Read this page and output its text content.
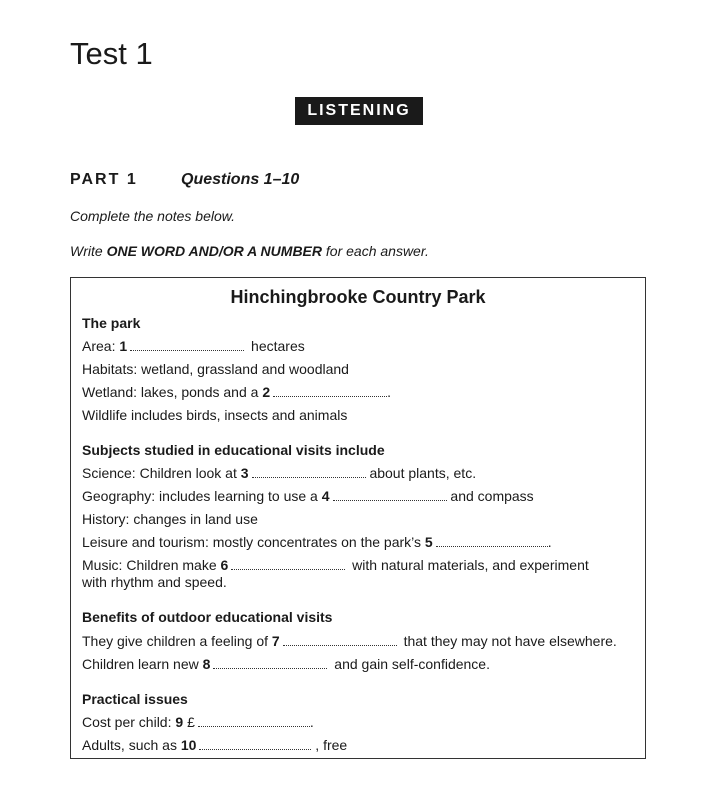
Test 1
LISTENING
PART 1	Questions 1–10
Complete the notes below.
Write ONE WORD AND/OR A NUMBER for each answer.
Hinchingbrooke Country Park
The park
Area: 1	hectares
Habitats: wetland, grassland and woodland
Wetland: lakes, ponds and a 2	.
Wildlife includes birds, insects and animals
Subjects studied in educational visits include
Science: Children look at 3	about plants, etc.
Geography: includes learning to use a 4	and compass
History: changes in land use
Leisure and tourism: mostly concentrates on the park’s 5	.
Music: Children make 6	with natural materials, and experiment
with rhythm and speed.
Benefits of outdoor educational visits
They give children a feeling of 7	that they may not have elsewhere.
Children learn new 8	and gain self-confidence.
Practical issues
Cost per child: 9 £	.
Adults, such as 10	, free
